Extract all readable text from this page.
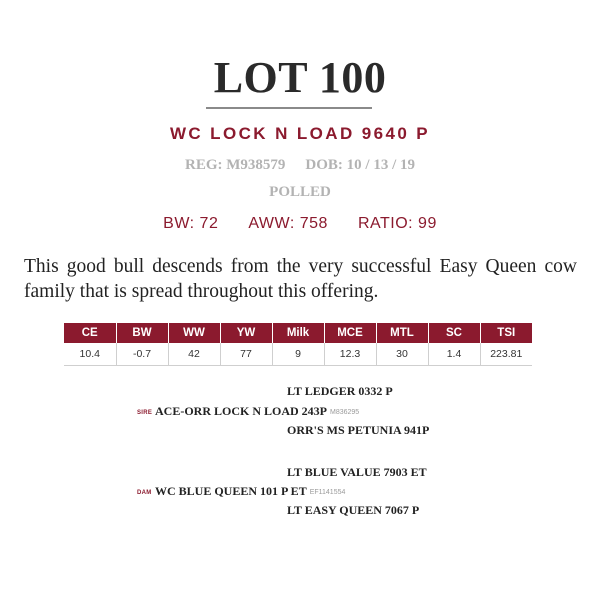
LOT 100
WC LOCK N LOAD 9640 P
REG: M938579 DOB: 10 / 13 / 19
POLLED
BW: 72 AWW: 758 RATIO: 99
This good bull descends from the very successful Easy Queen cow family that is spread throughout this offering.
CE	BW	WW	YW	Milk	MCE	MTL	SC	TSI
10.4	-0.7	42	77	9	12.3	30	1.4	223.81
LT LEDGER 0332 P
SIRE ACE-ORR LOCK N LOAD 243P M836295
ORR'S MS PETUNIA 941P
LT BLUE VALUE 7903 ET
DAM WC BLUE QUEEN 101 P ET EF1141554
LT EASY QUEEN 7067 P
